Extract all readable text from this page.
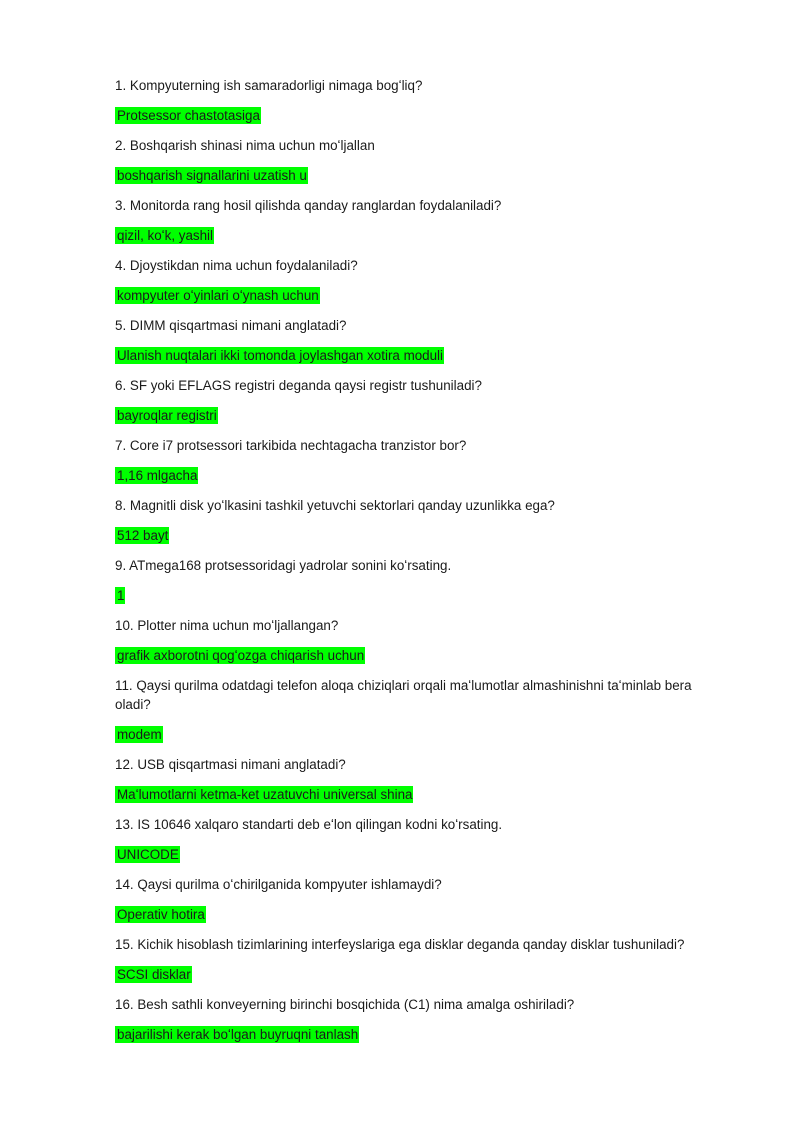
1. Kompyuterning ish samaradorligi nimaga bogʻliq?

Protsessor chastotasiga

2. Boshqarish shinasi nima uchun moʻljallan

boshqarish signallarini uzatish u

3. Monitorda rang hosil qilishda qanday ranglardan foydalaniladi?

qizil, koʻk, yashil

4. Djoystikdan nima uchun foydalaniladi?

kompyuter oʻyinlari oʻynash uchun

5. DIMM qisqartmasi nimani anglatadi?

Ulanish nuqtalari ikki tomonda joylashgan xotira moduli

6. SF yoki EFLAGS registri deganda qaysi registr tushuniladi?

bayroqlar registri

7. Core i7 protsessori tarkibida nechtagacha tranzistor bor?

1,16 mlgacha

8. Magnitli disk yoʻlkasini tashkil yetuvchi sektorlari qanday uzunlikka ega?

512 bayt

9. ATmega168 protsessoridagi yadrolar sonini koʻrsating.

1

10. Plotter nima uchun moʻljallangan?

grafik axborotni qogʻozga chiqarish uchun

11. Qaysi qurilma odatdagi telefon aloqa chiziqlari orqali maʻlumotlar almashinishni taʻminlab bera oladi?

modem

12. USB qisqartmasi nimani anglatadi?

Maʻlumotlarni ketma-ket uzatuvchi universal shina

13. IS 10646 xalqaro standarti deb eʻlon qilingan kodni koʻrsating.

UNICODE

14. Qaysi qurilma oʻchirilganida kompyuter ishlamaydi?

Operativ hotira

15. Kichik hisoblash tizimlarining interfeyslariga ega disklar deganda qanday disklar tushuniladi?

SCSI disklar

16. Besh sathli konveyerning birinchi bosqichida (C1) nima amalga oshiriladi?

bajarilishi kerak boʻlgan buyruqni tanlash
